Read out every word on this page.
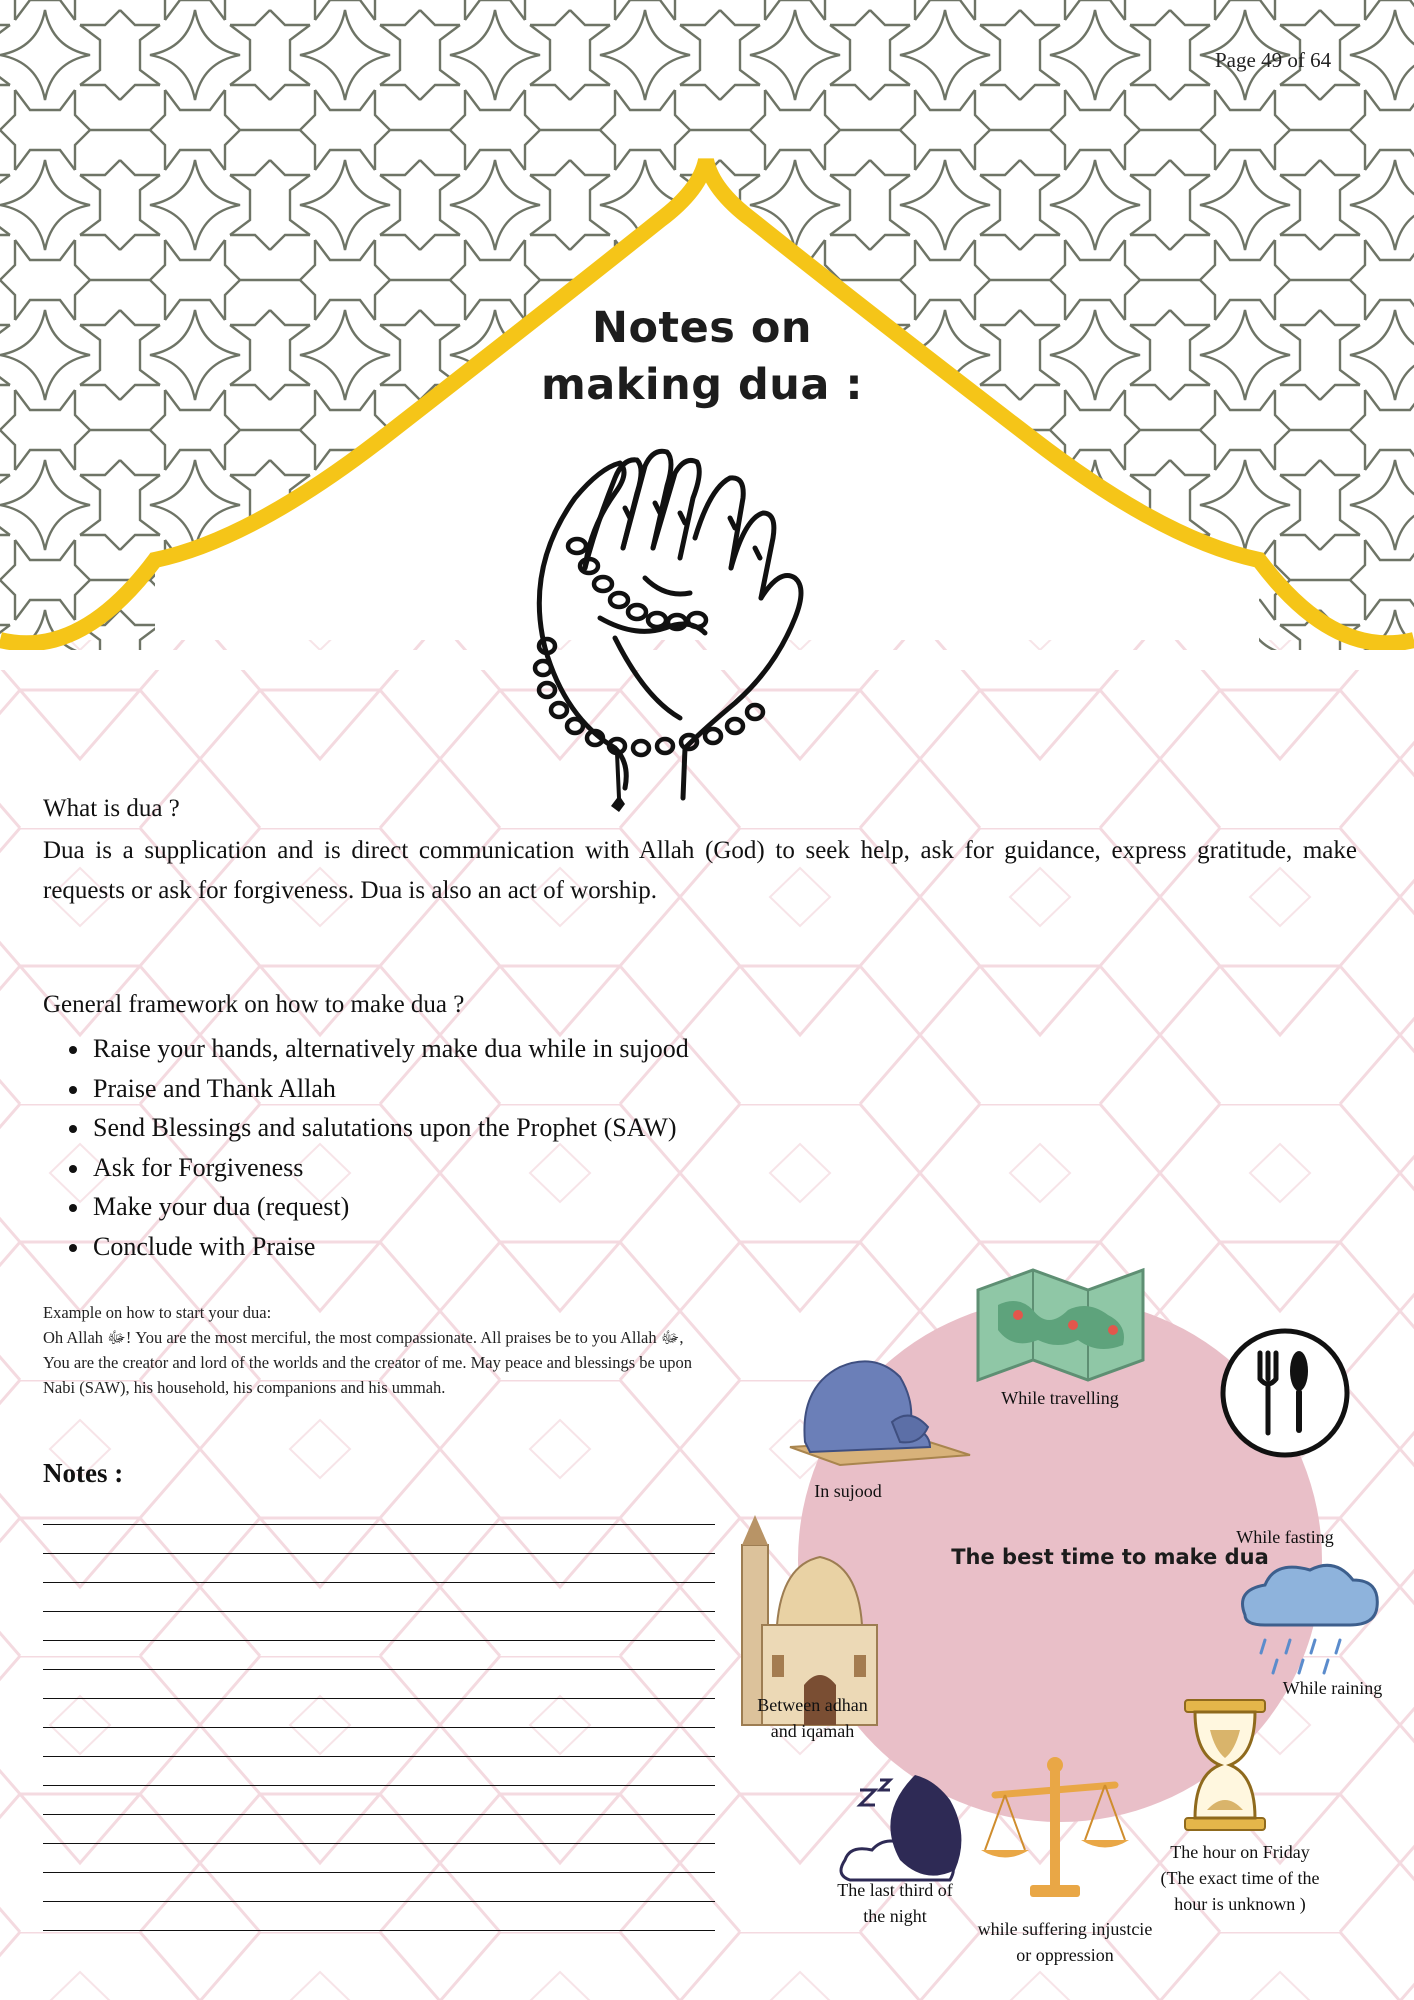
Page 49 of 64
Notes on
making dua :
What is dua ?
Dua is a supplication and is direct communication with Allah (God) to seek help, ask for guidance, express gratitude, make requests or ask for forgiveness. Dua is also an act of worship.
General framework on how to make dua ?
• Raise your hands, alternatively make dua while in sujood
• Praise and Thank Allah
• Send Blessings and salutations upon the Prophet (SAW)
• Ask for Forgiveness
• Make your dua (request)
• Conclude with Praise
Example on how to start your dua:
Oh Allah ﷻ! You are the most merciful, the most compassionate. All praises be to you Allah ﷻ,
You are the creator and lord of the worlds and the creator of me. May peace and blessings be upon
Nabi (SAW), his household, his companions and his ummah.
Notes :
The best time to make dua
While travelling
In sujood
While fasting
Between adhan
and iqamah
While raining
The hour on Friday
(The exact time of the
hour is unknown )
while suffering injustcie
or oppression
The last third of
the night
